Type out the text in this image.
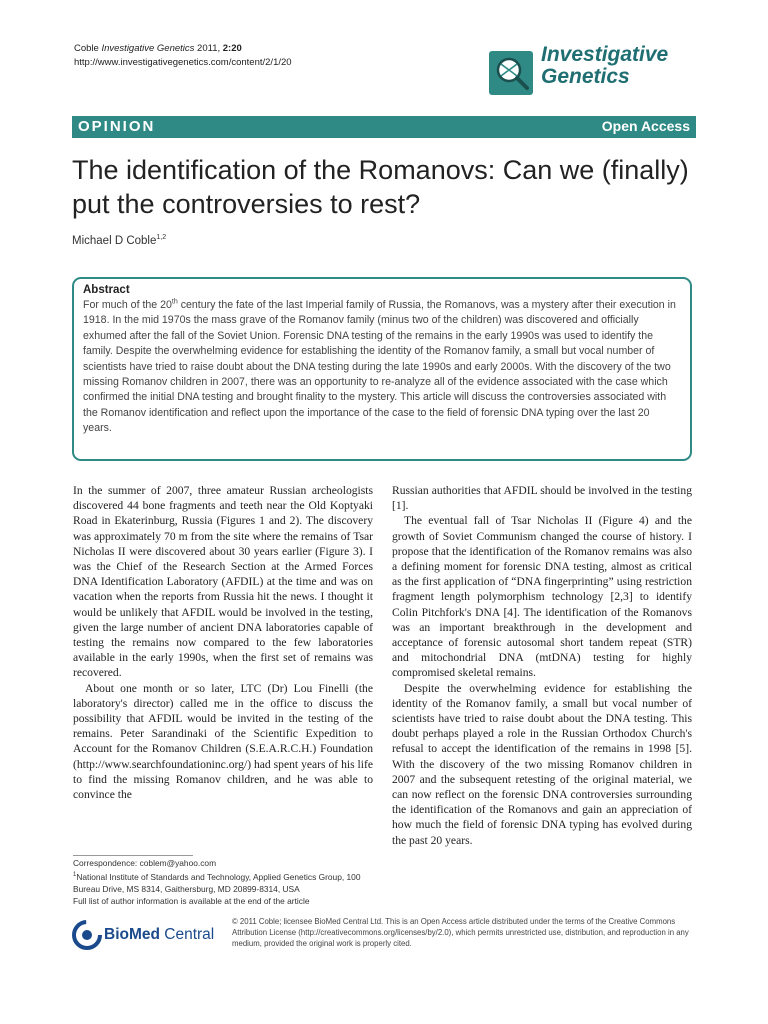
Coble Investigative Genetics 2011, 2:20
http://www.investigativegenetics.com/content/2/1/20	Investigative
Genetics
OPINION	Open Access
The identification of the Romanovs: Can we (finally) put the controversies to rest?
Michael D Coble$^{1,2}$
Abstract

For much of the 20th century the fate of the last Imperial family of Russia, the Romanovs, was a mystery after their execution in 1918. In the mid 1970s the mass grave of the Romanov family (minus two of the children) was discovered and officially exhumed after the fall of the Soviet Union. Forensic DNA testing of the remains in the early 1990s was used to identify the family. Despite the overwhelming evidence for establishing the identity of the Romanov family, a small but vocal number of scientists have tried to raise doubt about the DNA testing during the late 1990s and early 2000s. With the discovery of the two missing Romanov children in 2007, there was an opportunity to re-analyze all of the evidence associated with the case which confirmed the initial DNA testing and brought finality to the mystery. This article will discuss the controversies associated with the Romanov identification and reflect upon the importance of the case to the field of forensic DNA typing over the last 20 years.

In the summer of 2007, three amateur Russian archeologists discovered 44 bone fragments and teeth near the Old Koptyaki Road in Ekaterinburg, Russia (Figures 1 and 2). The discovery was approximately 70 m from the site where the remains of Tsar Nicholas II were discovered about 30 years earlier (Figure 3). I was the Chief of the Research Section at the Armed Forces DNA Identification Laboratory (AFDIL) at the time and was on vacation when the reports from Russia hit the news. I thought it would be unlikely that AFDIL would be involved in the testing, given the large number of ancient DNA laboratories capable of testing the remains now compared to the few laboratories available in the early 1990s, when the first set of remains was recovered.

About one month or so later, LTC (Dr) Lou Finelli (the laboratory's director) called me in the office to discuss the possibility that AFDIL would be invited in the testing of the remains. Peter Sarandinaki of the Scientific Expedition to Account for the Romanov Children (S.E.A.R.C.H.) Foundation (http://www.searchfoundationinc.org/) had spent years of his life to find the missing Romanov children, and he was able to convince the

Russian authorities that AFDIL should be involved in the testing [1].

The eventual fall of Tsar Nicholas II (Figure 4) and the growth of Soviet Communism changed the course of history. I propose that the identification of the Romanov remains was also a defining moment for forensic DNA testing, almost as critical as the first application of “DNA fingerprinting” using restriction fragment length polymorphism technology [2,3] to identify Colin Pitchfork's DNA [4]. The identification of the Romanovs was an important breakthrough in the development and acceptance of forensic autosomal short tandem repeat (STR) and mitochondrial DNA (mtDNA) testing for highly compromised skeletal remains.

Despite the overwhelming evidence for establishing the identity of the Romanov family, a small but vocal number of scientists have tried to raise doubt about the DNA testing. This doubt perhaps played a role in the Russian Orthodox Church's refusal to accept the identification of the remains in 1998 [5]. With the discovery of the two missing Romanov children in 2007 and the subsequent retesting of the original material, we can now reflect on the forensic DNA controversies surrounding the identification of the Romanovs and gain an appreciation of how much the field of forensic DNA typing has evolved during the past 20 years.

Correspondence: coblem@yahoo.com
$^1$National Institute of Standards and Technology, Applied Genetics Group, 100 Bureau Drive, MS 8314, Gaithersburg, MD 20899-8314, USA
Full list of author information is available at the end of the article
BioMed Central
© 2011 Coble; licensee BioMed Central Ltd. This is an Open Access article distributed under the terms of the Creative Commons Attribution License (http://creativecommons.org/licenses/by/2.0), which permits unrestricted use, distribution, and reproduction in any medium, provided the original work is properly cited.
